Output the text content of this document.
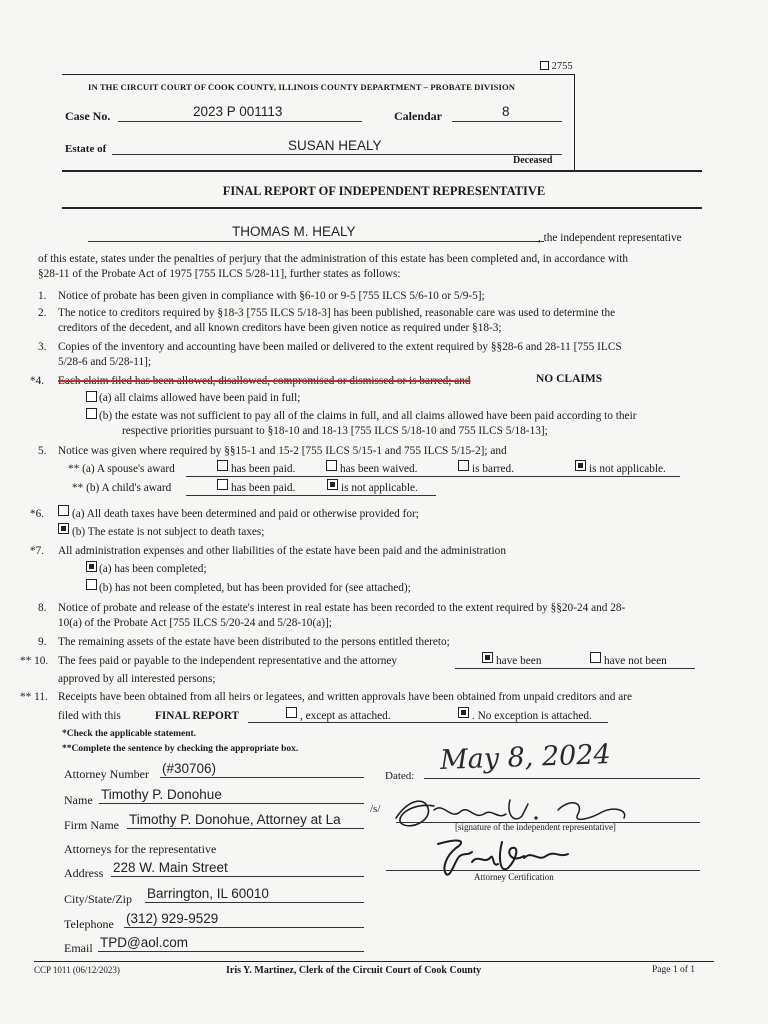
2755
IN THE CIRCUIT COURT OF COOK COUNTY, ILLINOIS COUNTY DEPARTMENT – PROBATE DIVISION
Case No.	2023 P 001113	Calendar	8
Estate of	SUSAN HEALY
Deceased
FINAL REPORT OF INDEPENDENT REPRESENTATIVE
THOMAS M. HEALY	, the independent representative
of this estate, states under the penalties of perjury that the administration of this estate has been completed and, in accordance with
§28-11 of the Probate Act of 1975 [755 ILCS 5/28-11], further states as follows:
1. Notice of probate has been given in compliance with §6-10 or 9-5 [755 ILCS 5/6-10 or 5/9-5];
2. The notice to creditors required by §18-3 [755 ILCS 5/18-3] has been published, reasonable care was used to determine the
creditors of the decedent, and all known creditors have been given notice as required under §18-3;
3. Copies of the inventory and accounting have been mailed or delivered to the extent required by §§28-6 and 28-11 [755 ILCS
5/28-6 and 5/28-11];
*4. Each claim filed has been allowed, disallowed, compromised or dismissed or is barred; and	NO CLAIMS
(a) all claims allowed have been paid in full;
(b) the estate was not sufficient to pay all of the claims in full, and all claims allowed have been paid according to their
respective priorities pursuant to §18-10 and 18-13 [755 ILCS 5/18-10 and 755 ILCS 5/18-13];
5. Notice was given where required by §§15-1 and 15-2 [755 ILCS 5/15-1 and 755 ILCS 5/15-2]; and
** (a) A spouse's award	has been paid.	has been waived.	is barred.	is not applicable.
** (b) A child's award	has been paid.	is not applicable.
*6. (a) All death taxes have been determined and paid or otherwise provided for;
(b) The estate is not subject to death taxes;
*7. All administration expenses and other liabilities of the estate have been paid and the administration
(a) has been completed;
(b) has not been completed, but has been provided for (see attached);
8. Notice of probate and release of the estate's interest in real estate has been recorded to the extent required by §§20-24 and 28-
10(a) of the Probate Act [755 ILCS 5/20-24 and 5/28-10(a)];
9. The remaining assets of the estate have been distributed to the persons entitled thereto;
** 10. The fees paid or payable to the independent representative and the attorney	have been	have not been
approved by all interested persons;
** 11. Receipts have been obtained from all heirs or legatees, and written approvals have been obtained from unpaid creditors and are
filed with this	FINAL REPORT	, except as attached.	. No exception is attached.
*Check the applicable statement.
**Complete the sentence by checking the appropriate box.
Attorney Number (#30706)
Name Timothy P. Donohue
Firm Name Timothy P. Donohue, Attorney at La
Attorneys for the representative
Address 228 W. Main Street
City/State/Zip Barrington, IL 60010
Telephone (312) 929-9529
Email TPD@aol.com
Dated:
May 8, 2024
/s/
[signature of the independent representative]
Attorney Certification
CCP 1011 (06/12/2023)	Iris Y. Martinez, Clerk of the Circuit Court of Cook County	Page 1 of 1
